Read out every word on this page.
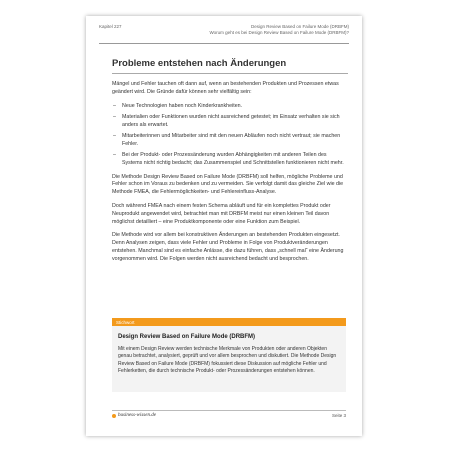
Kapitel 227	Design Review Based on Failure Mode (DRBFM)
Worum geht es bei Design Review Based on Failure Mode (DRBFM)?
Probleme entstehen nach Änderungen

Mängel und Fehler tauchen oft dann auf, wenn an bestehenden Produkten und Prozessen etwas geändert wird. Die Gründe dafür können sehr vielfältig sein:

– Neue Technologien haben noch Kinderkrankheiten.
– Materialien oder Funktionen wurden nicht ausreichend getestet; im Einsatz verhalten sie sich anders als erwartet.
– Mitarbeiterinnen und Mitarbeiter sind mit den neuen Abläufen noch nicht vertraut; sie machen Fehler.
– Bei der Produkt- oder Prozessänderung wurden Abhängigkeiten mit anderen Teilen des Systems nicht richtig bedacht; das Zusammenspiel und Schnittstellen funktionieren nicht mehr.

Die Methode Design Review Based on Failure Mode (DRBFM) soll helfen, mögliche Probleme und Fehler schon im Voraus zu bedenken und zu vermeiden. Sie verfolgt damit das gleiche Ziel wie die Methode FMEA, die Fehlermöglichkeiten- und Fehlereinfluss-Analyse.

Doch während FMEA nach einem festen Schema abläuft und für ein komplettes Produkt oder Neuprodukt angewendet wird, betrachtet man mit DRBFM meist nur einen kleinen Teil davon möglichst detailliert – eine Produktkomponente oder eine Funktion zum Beispiel.

Die Methode wird vor allem bei konstruktiven Änderungen an bestehenden Produkten eingesetzt. Denn Analysen zeigen, dass viele Fehler und Probleme in Folge von Produktveränderungen entstehen. Manchmal sind es einfache Anlässe, die dazu führen, dass „schnell mal“ eine Änderung vorgenommen wird. Die Folgen werden nicht ausreichend bedacht und besprochen.

Stichwort
Design Review Based on Failure Mode (DRBFM)
Mit einem Design Review werden technische Merkmale von Produkten oder anderen Objekten genau betrachtet, analysiert, geprüft und vor allem besprochen und diskutiert. Die Methode Design Review Based on Failure Mode (DRBFM) fokussiert diese Diskussion auf mögliche Fehler und Fehlerketten, die durch technische Produkt- oder Prozessänderungen entstehen können.
business-wissen.de	Seite 3
